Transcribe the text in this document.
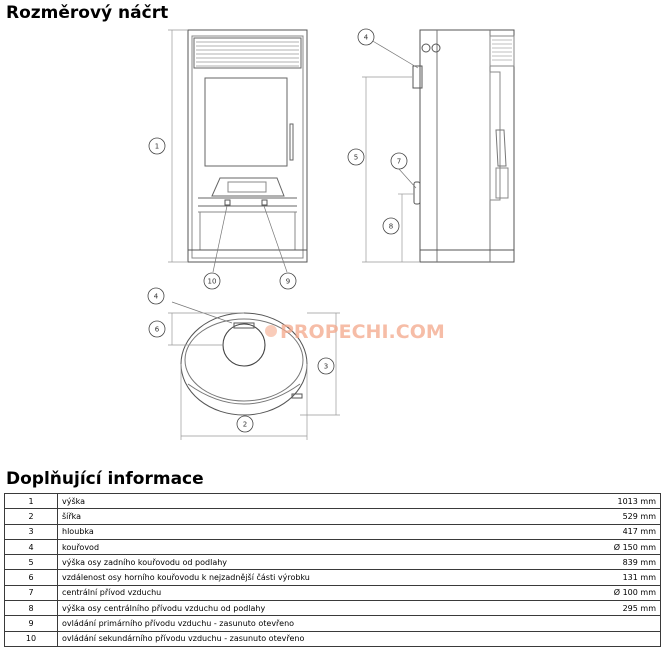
Rozměrový náčrt
1
2
3
4
4
5
6
7
8
9
10
PROPECHI.COM
Doplňující informace
1	výška	1013 mm
2	šířka	529 mm
3	hloubka	417 mm
4	kouřovod	Ø 150 mm
5	výška osy zadního kouřovodu od podlahy	839 mm
6	vzdálenost osy horního kouřovodu k nejzadnější části výrobku	131 mm
7	centrální přívod vzduchu	Ø 100 mm
8	výška osy centrálního přívodu vzduchu od podlahy	295 mm
9	ovládání primárního přívodu vzduchu - zasunuto otevřeno	
10	ovládání sekundárního přívodu vzduchu - zasunuto otevřeno	
